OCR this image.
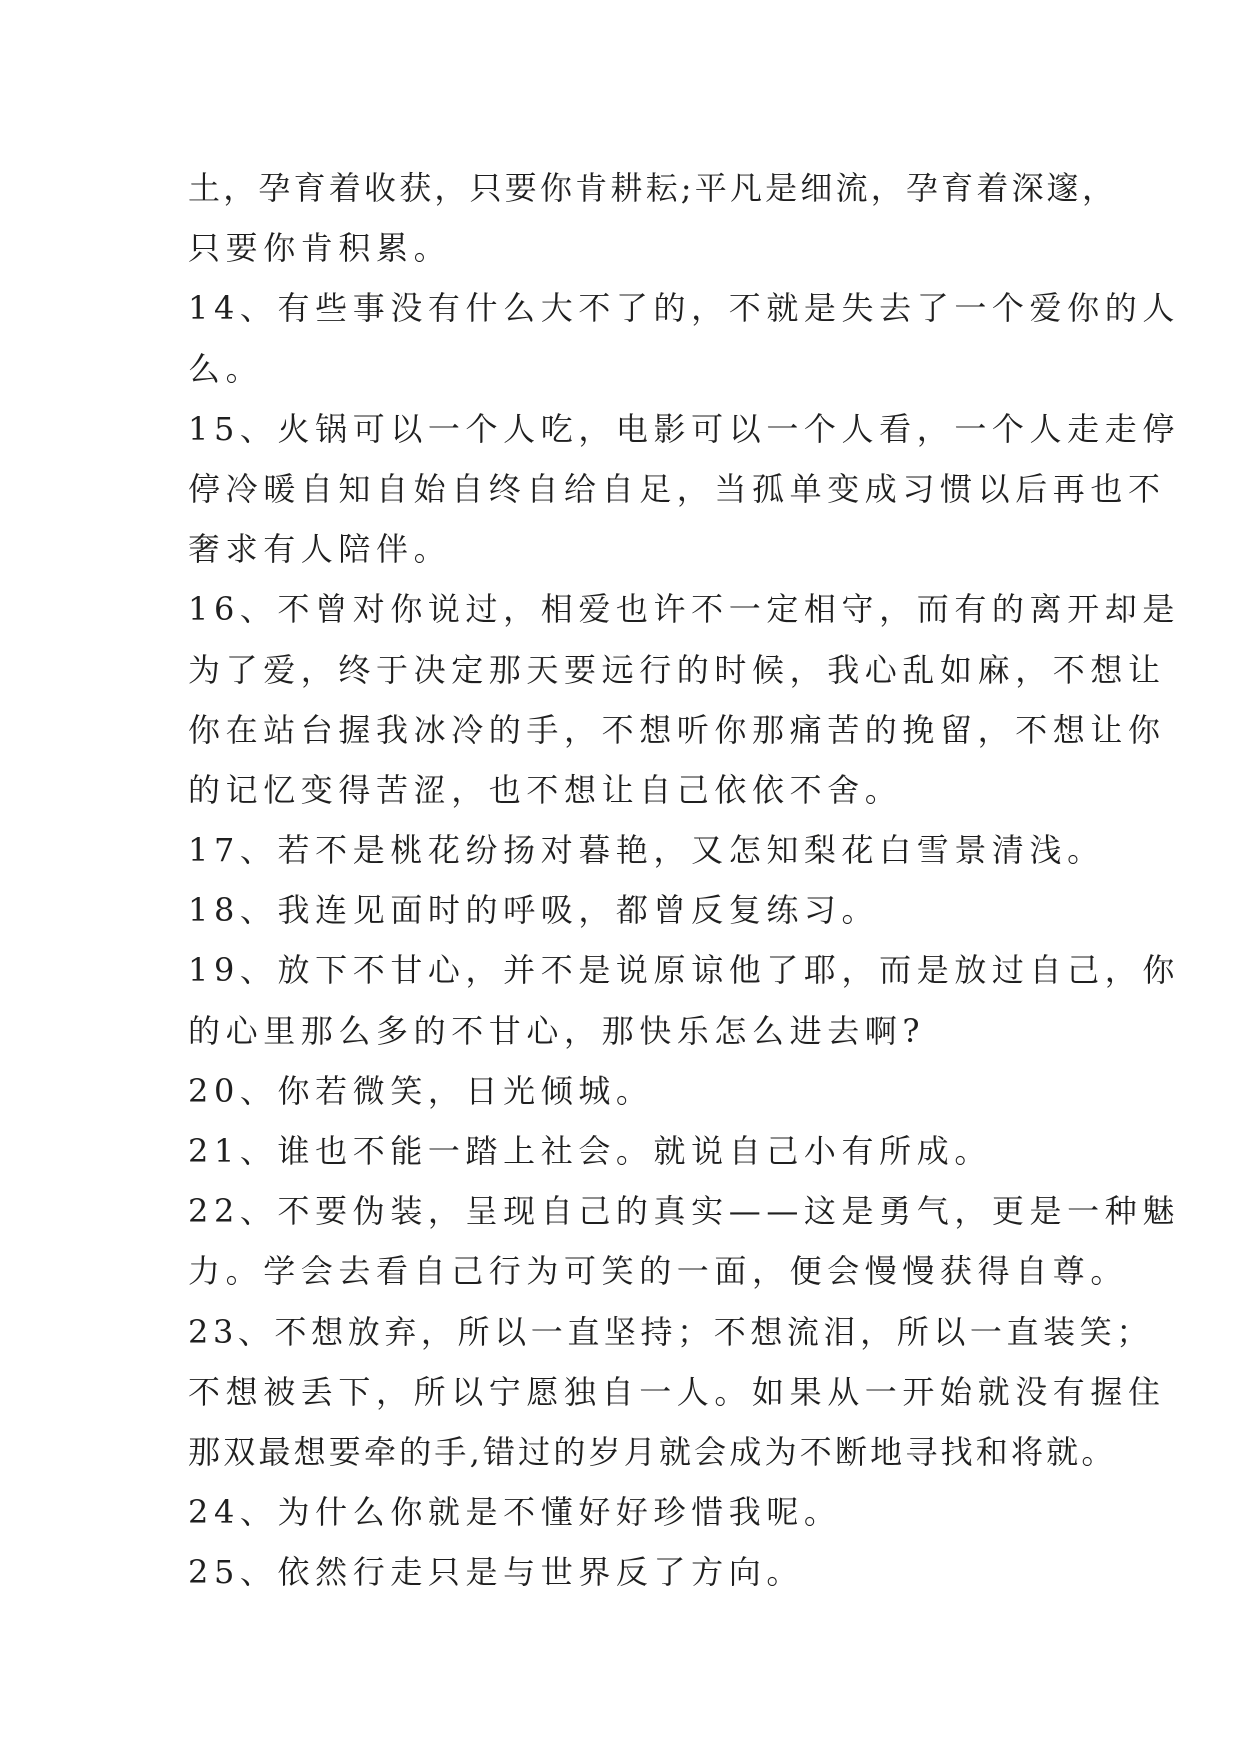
土，孕育着收获，只要你肯耕耘;平凡是细流，孕育着深邃，
只要你肯积累。
14、有些事没有什么大不了的，不就是失去了一个爱你的人
么。
15、火锅可以一个人吃，电影可以一个人看，一个人走走停
停冷暖自知自始自终自给自足，当孤单变成习惯以后再也不
奢求有人陪伴。
16、不曾对你说过，相爱也许不一定相守，而有的离开却是
为了爱，终于决定那天要远行的时候，我心乱如麻，不想让
你在站台握我冰冷的手，不想听你那痛苦的挽留，不想让你
的记忆变得苦涩，也不想让自己依依不舍。
17、若不是桃花纷扬对暮艳，又怎知梨花白雪景清浅。
18、我连见面时的呼吸，都曾反复练习。
19、放下不甘心，并不是说原谅他了耶，而是放过自己，你
的心里那么多的不甘心，那快乐怎么进去啊?
20、你若微笑，日光倾城。
21、谁也不能一踏上社会。就说自己小有所成。
22、不要伪装，呈现自己的真实——这是勇气，更是一种魅
力。学会去看自己行为可笑的一面，便会慢慢获得自尊。
23、不想放弃，所以一直坚持；不想流泪，所以一直装笑；
不想被丢下，所以宁愿独自一人。如果从一开始就没有握住
那双最想要牵的手,错过的岁月就会成为不断地寻找和将就。
24、为什么你就是不懂好好珍惜我呢。
25、依然行走只是与世界反了方向。
